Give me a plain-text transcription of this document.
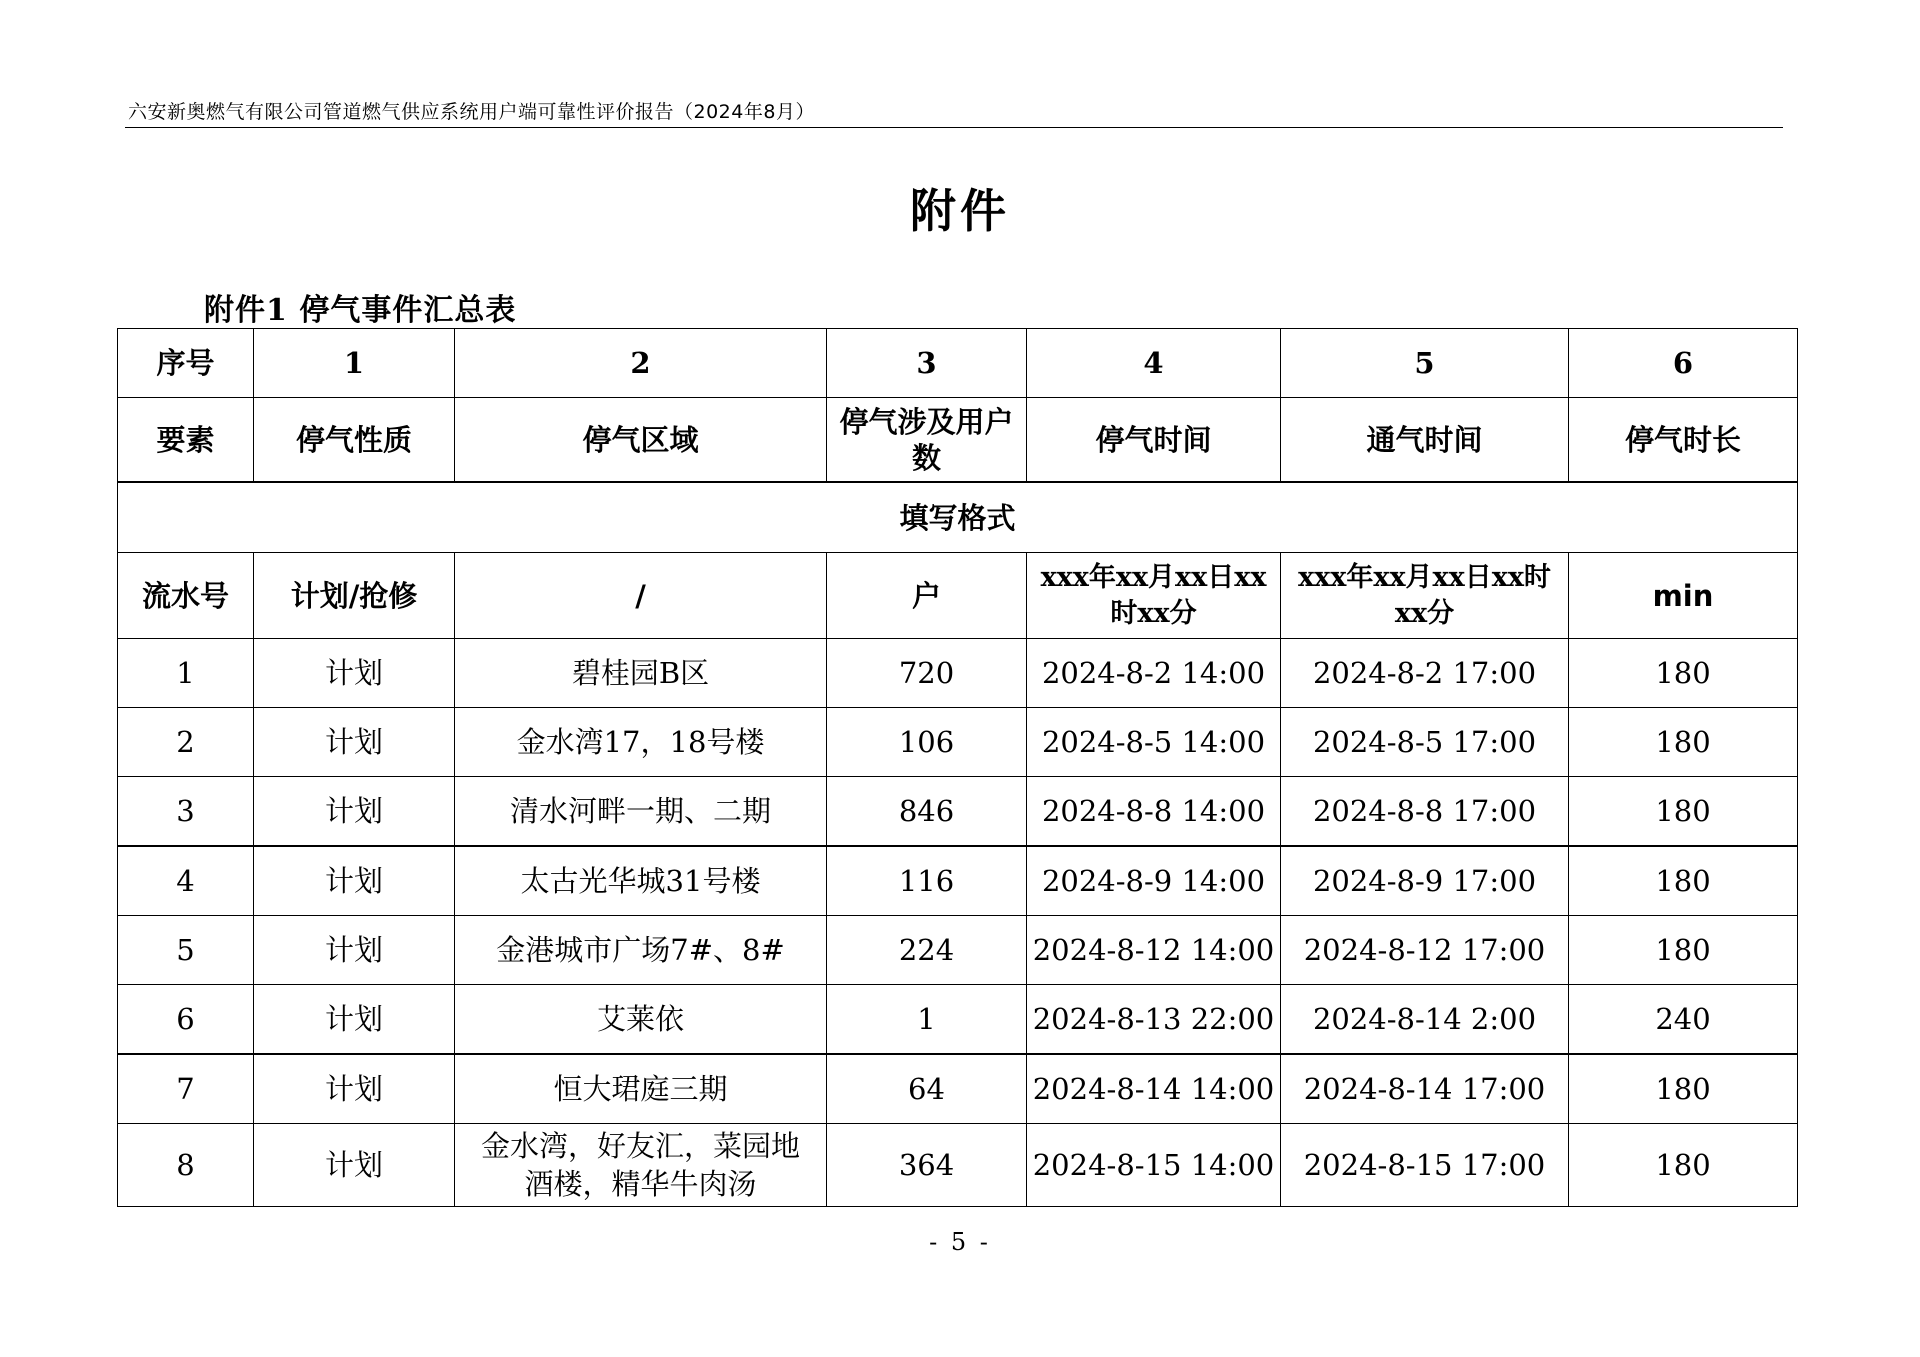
六安新奥燃气有限公司管道燃气供应系统用户端可靠性评价报告（2024年8月）
附件
附件1 停气事件汇总表
序号	1	2	3	4	5	6
要素	停气性质	停气区域	停气涉及用户数	停气时间	通气时间	停气时长
填写格式						
流水号	计划/抢修	/	户	xxx年xx月xx日xx时xx分	xxx年xx月xx日xx时xx分	min
1	计划	碧桂园B区	720	2024-8-2 14:00	2024-8-2 17:00	180
2	计划	金水湾17，18号楼	106	2024-8-5 14:00	2024-8-5 17:00	180
3	计划	清水河畔一期、二期	846	2024-8-8 14:00	2024-8-8 17:00	180
4	计划	太古光华城31号楼	116	2024-8-9 14:00	2024-8-9 17:00	180
5	计划	金港城市广场7#、8#	224	2024-8-12 14:00	2024-8-12 17:00	180
6	计划	艾莱依	1	2024-8-13 22:00	2024-8-14 2:00	240
7	计划	恒大珺庭三期	64	2024-8-14 14:00	2024-8-14 17:00	180
8	计划	金水湾，好友汇，菜园地酒楼，精华牛肉汤	364	2024-8-15 14:00	2024-8-15 17:00	180
- 5 -
